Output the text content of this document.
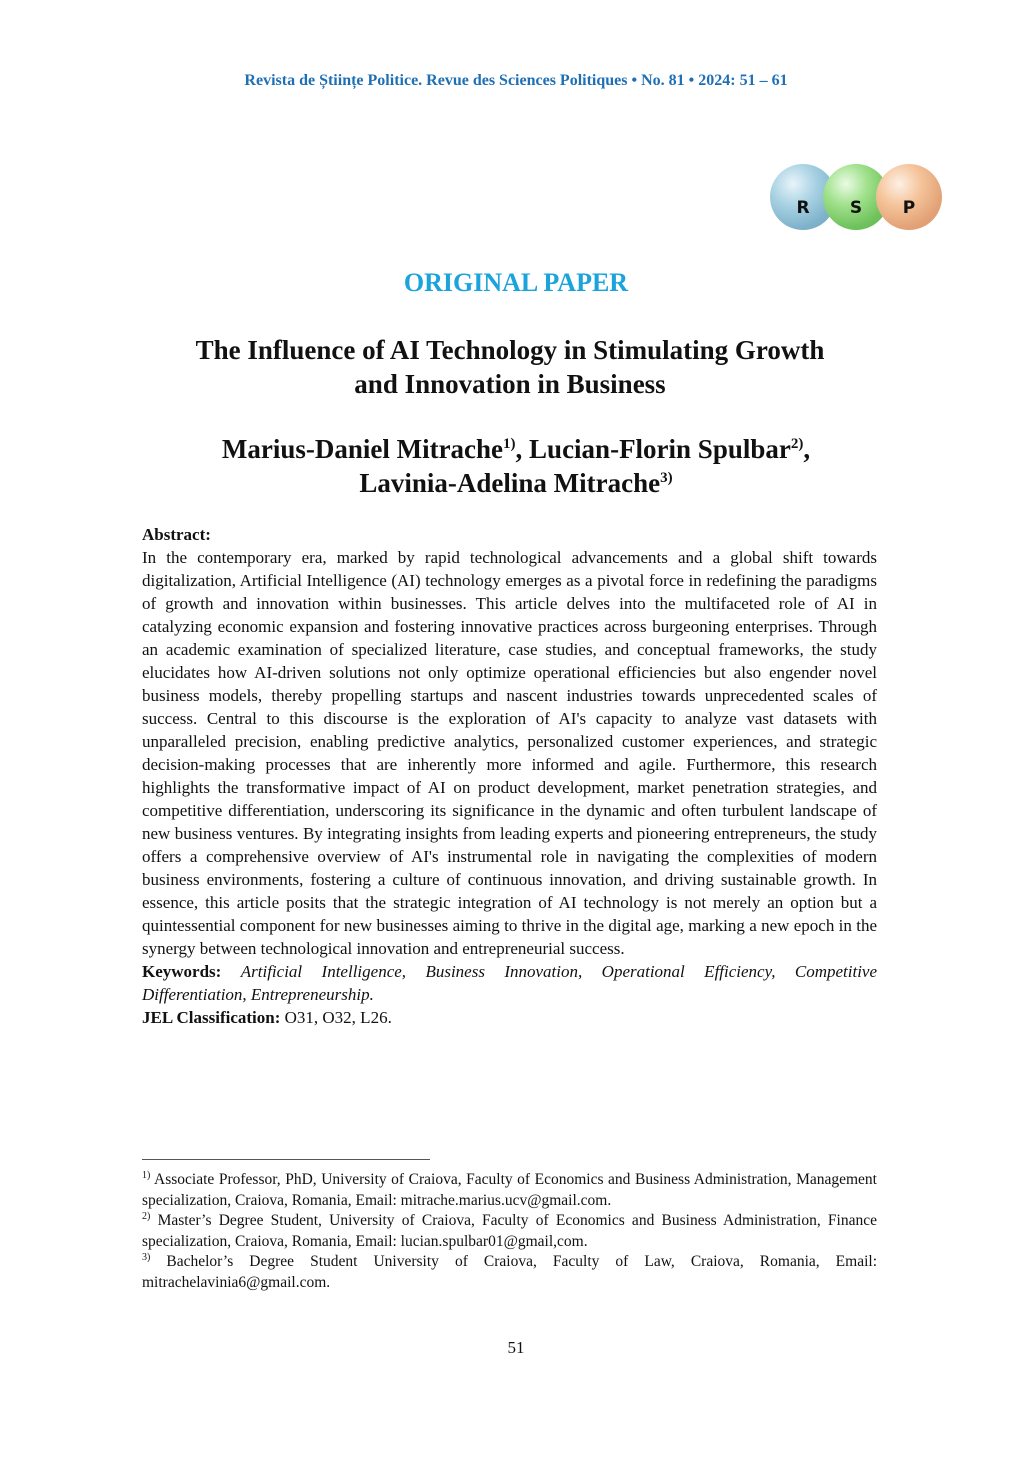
Revista de Științe Politice. Revue des Sciences Politiques • No. 81 • 2024: 51 – 61
R	S	P
ORIGINAL PAPER
The Influence of AI Technology in Stimulating Growth
and Innovation in Business
Marius-Daniel Mitrache$^{1)}$, Lucian-Florin Spulbar$^{2)}$,
Lavinia-Adelina Mitrache$^{3)}$
Abstract:
In the contemporary era, marked by rapid technological advancements and a global shift towards digitalization, Artificial Intelligence (AI) technology emerges as a pivotal force in redefining the paradigms of growth and innovation within businesses. This article delves into the multifaceted role of AI in catalyzing economic expansion and fostering innovative practices across burgeoning enterprises. Through an academic examination of specialized literature, case studies, and conceptual frameworks, the study elucidates how AI-driven solutions not only optimize operational efficiencies but also engender novel business models, thereby propelling startups and nascent industries towards unprecedented scales of success. Central to this discourse is the exploration of AI's capacity to analyze vast datasets with unparalleled precision, enabling predictive analytics, personalized customer experiences, and strategic decision-making processes that are inherently more informed and agile. Furthermore, this research highlights the transformative impact of AI on product development, market penetration strategies, and competitive differentiation, underscoring its significance in the dynamic and often turbulent landscape of new business ventures. By integrating insights from leading experts and pioneering entrepreneurs, the study offers a comprehensive overview of AI's instrumental role in navigating the complexities of modern business environments, fostering a culture of continuous innovation, and driving sustainable growth. In essence, this article posits that the strategic integration of AI technology is not merely an option but a quintessential component for new businesses aiming to thrive in the digital age, marking a new epoch in the synergy between technological innovation and entrepreneurial success.
Keywords: Artificial Intelligence, Business Innovation, Operational Efficiency, Competitive Differentiation, Entrepreneurship.
JEL Classification: O31, O32, L26.

$^{1)}$ Associate Professor, PhD, University of Craiova, Faculty of Economics and Business Administration, Management specialization, Craiova, Romania, Email: mitrache.marius.ucv@gmail.com.

$^{2)}$ Master’s Degree Student, University of Craiova, Faculty of Economics and Business Administration, Finance specialization, Craiova, Romania, Email: lucian.spulbar01@gmail,com.

$^{3)}$ Bachelor’s Degree Student University of Craiova, Faculty of Law, Craiova, Romania, Email: mitrachelavinia6@gmail.com.

51
